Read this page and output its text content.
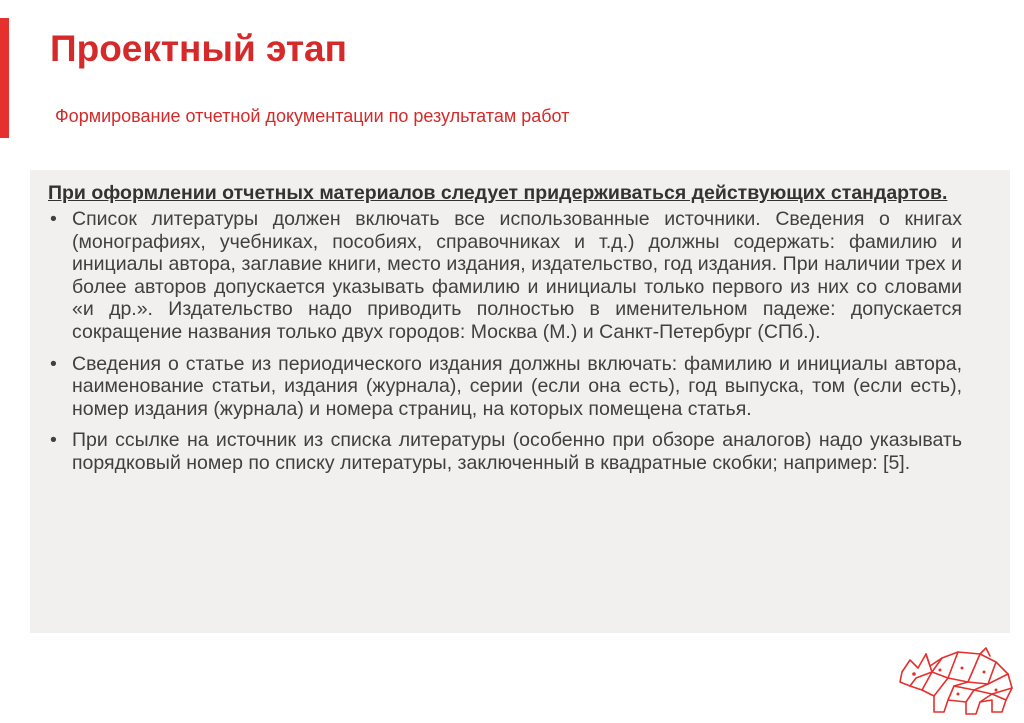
Проектный этап
Формирование отчетной документации по результатам работ

При оформлении отчетных материалов следует придерживаться действующих стандартов.

• Список литературы должен включать все использованные источники. Сведения о книгах (монографиях, учебниках, пособиях, справочниках и т.д.) должны содержать: фамилию и инициалы автора, заглавие книги, место издания, издательство, год издания. При наличии трех и более авторов допускается указывать фамилию и инициалы только первого из них со словами «и др.». Издательство надо приводить полностью в именительном падеже: допускается сокращение названия только двух городов: Москва (М.) и Санкт-Петербург (СПб.).
• Сведения о статье из периодического издания должны включать: фамилию и инициалы автора, наименование статьи, издания (журнала), серии (если она есть), год выпуска, том (если есть), номер издания (журнала) и номера страниц, на которых помещена статья.
• При ссылке на источник из списка литературы (особенно при обзоре аналогов) надо указывать порядковый номер по списку литературы, заключенный в квадратные скобки; например: [5].
